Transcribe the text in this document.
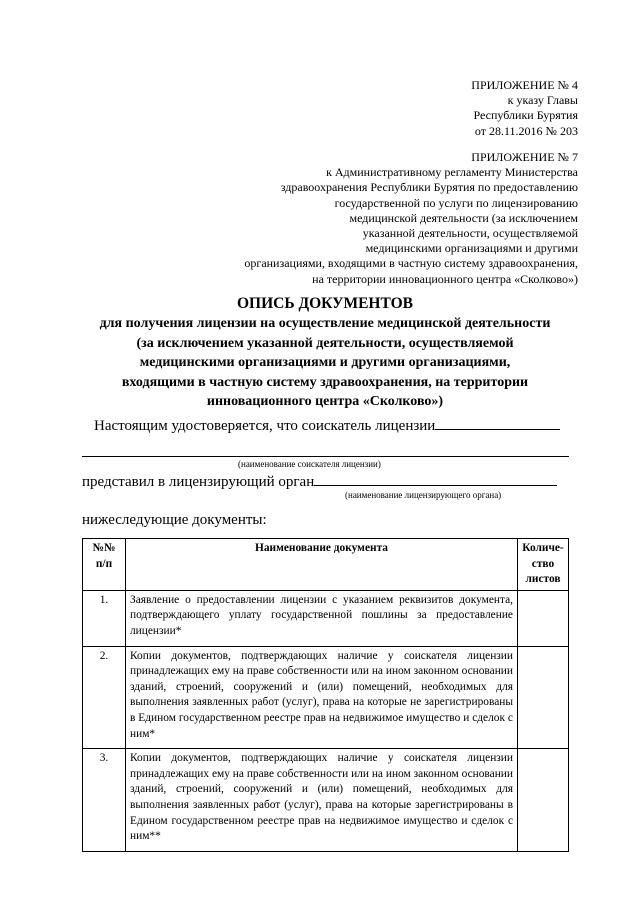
ПРИЛОЖЕНИЕ № 4
к указу Главы
Республики Бурятия
от 28.11.2016 № 203
ПРИЛОЖЕНИЕ № 7
к Административному регламенту Министерства
здравоохранения Республики Бурятия по предоставлению
государственной по услуги по лицензированию
медицинской деятельности (за исключением
указанной деятельности, осуществляемой
медицинскими организациями и другими
организациями, входящими в частную систему здравоохранения,
на территории инновационного центра «Сколково»)
ОПИСЬ ДОКУМЕНТОВ
для получения лицензии на осуществление медицинской деятельности
(за исключением указанной деятельности, осуществляемой
медицинскими организациями и другими организациями,
входящими в частную систему здравоохранения, на территории
инновационного центра «Сколково»)
Настоящим удостоверяется, что соискатель лицензии
(наименование соискателя лицензии)
представил в лицензирующий орган
(наименование лицензирующего органа)
нижеследующие документы:
№№ п/п	Наименование документа	Количе-ство листов
1.	Заявление о предоставлении лицензии с указанием реквизитов документа, подтверждающего уплату государственной пошлины за предоставление лицензии*	
2.	Копии документов, подтверждающих наличие у соискателя лицензии принадлежащих ему на праве собственности или на ином законном основании зданий, строений, сооружений и (или) помещений, необходимых для выполнения заявленных работ (услуг), права на которые не зарегистрированы в Едином государственном реестре прав на недвижимое имущество и сделок с ним*	
3.	Копии документов, подтверждающих наличие у соискателя лицензии принадлежащих ему на праве собственности или на ином законном основании зданий, строений, сооружений и (или) помещений, необходимых для выполнения заявленных работ (услуг), права на которые зарегистрированы в Едином государственном реестре прав на недвижимое имущество и сделок с ним**	
